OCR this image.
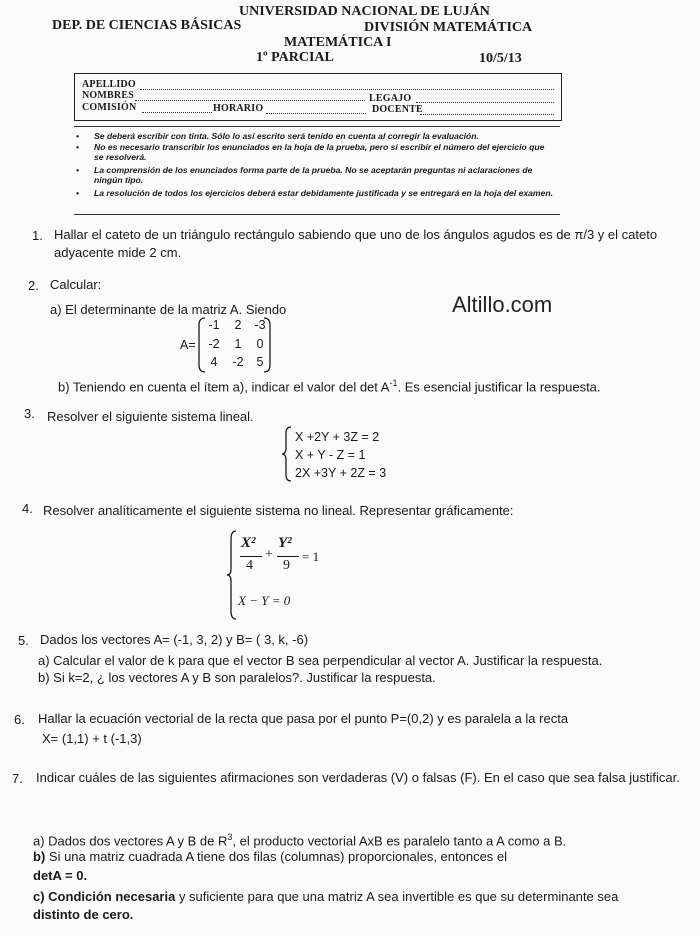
UNIVERSIDAD NACIONAL DE LUJÁN
DEP. DE CIENCIAS BÁSICAS	DIVISIÓN MATEMÁTICA
MATEMÁTICA I
1º PARCIAL	10/5/13
APELLIDO
NOMBRES	LEGAJO
COMISIÓN	HORARIO	DOCENTE
• Se deberá escribir con tinta. Sólo lo así escrito será tenido en cuenta al corregir la evaluación.
• No es necesario transcribir los enunciados en la hoja de la prueba, pero sí escribir el número del ejercicio que se resolverá.
• La comprensión de los enunciados forma parte de la prueba. No se aceptarán preguntas ni aclaraciones de ningún tipo.
• La resolución de todos los ejercicios deberá estar debidamente justificada y se entregará en la hoja del examen.
1. Hallar el cateto de un triángulo rectángulo sabiendo que uno de los ángulos agudos es de π/3 y el cateto adyacente mide 2 cm.
2. Calcular:
a) El determinante de la matriz A. Siendo	Altillo.com
A=
-1	2	-3
-2	1	0
4	-2	5
b) Teniendo en cuenta el ítem a), indicar el valor del $\det A^{-1}$. Es esencial justificar la respuesta.
3. Resolver el siguiente sistema lineal.
X +2Y + 3Z = 2
X + Y - Z = 1
2X +3Y + 2Z = 3
4. Resolver analíticamente el siguiente sistema no lineal. Representar gráficamente:
X²
4
+
Y²
9
= 1
X − Y = 0
5. Dados los vectores A= (-1, 3, 2) y B= ( 3, k, -6)
a) Calcular el valor de k para que el vector B sea perpendicular al vector A. Justificar la respuesta.
b) Si k=2, ¿ los vectores A y B son paralelos?. Justificar la respuesta.
6. Hallar la ecuación vectorial de la recta que pasa por el punto P=(0,2) y es paralela a la recta
X= (1,1) + t (-1,3)
7. Indicar cuáles de las siguientes afirmaciones son verdaderas (V) o falsas (F). En el caso que sea falsa justificar.
a) Dados dos vectores A y B de $R^3$, el producto vectorial AxB es paralelo tanto a A como a B.
b) Si una matriz cuadrada A tiene dos filas (columnas) proporcionales, entonces el
detA = 0.
c) Condición necesaria y suficiente para que una matriz A sea invertible es que su determinante sea
distinto de cero.
